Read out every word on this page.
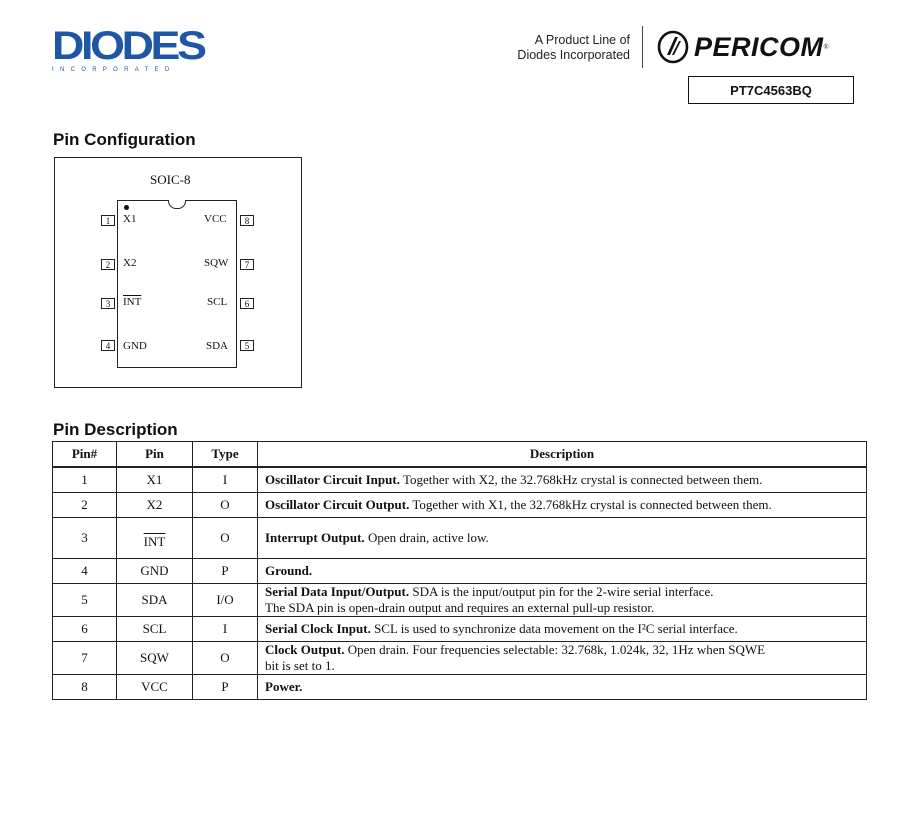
DIODES
INCORPORATED
A Product Line of
Diodes Incorporated PERICOM ®
PT7C4563BQ
Pin Configuration
SOIC-8
1	X1
2	X2
3	$\overline{INT}$
4	GND
8
VCC
7
SQW
6
SCL
5
SDA
Pin Description
Pin#	Pin	Type	Description
1	X1	I	Oscillator Circuit Input. Together with X2, the 32.768kHz crystal is connected between them.
2	X2	O	Oscillator Circuit Output. Together with X1, the 32.768kHz crystal is connected between them.
3	$\overline{INT}$	O	Interrupt Output. Open drain, active low.
4	GND	P	Ground.
5	SDA	I/O	Serial Data Input/Output. SDA is the input/output pin for the 2-wire serial interface.
The SDA pin is open-drain output and requires an external pull-up resistor.
6	SCL	I	Serial Clock Input. SCL is used to synchronize data movement on the I²C serial interface.
7	SQW	O	Clock Output. Open drain. Four frequencies selectable: 32.768k, 1.024k, 32, 1Hz when SQWE
bit is set to 1.
8	VCC	P	Power.
